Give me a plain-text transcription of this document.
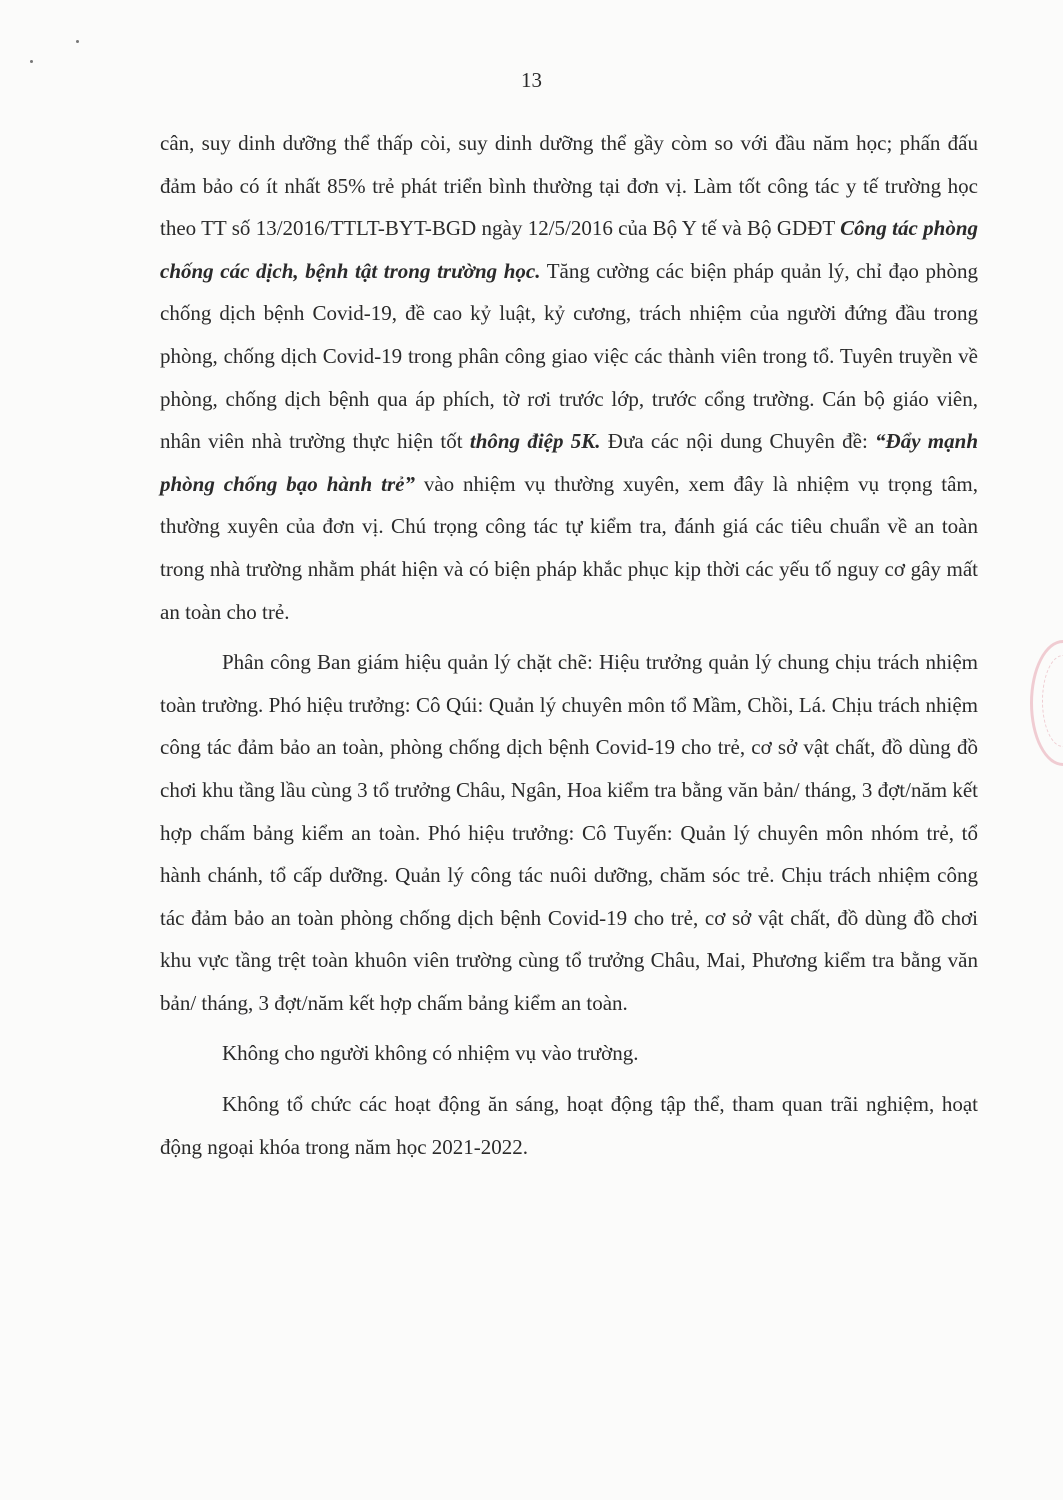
13

cân, suy dinh dưỡng thể thấp còi, suy dinh dưỡng thể gầy còm so với đầu năm học; phấn đấu đảm bảo có ít nhất 85% trẻ phát triển bình thường tại đơn vị. Làm tốt công tác y tế trường học theo TT số 13/2016/TTLT-BYT-BGD ngày 12/5/2016 của Bộ Y tế và Bộ GDĐT Công tác phòng chống các dịch, bệnh tật trong trường học. Tăng cường các biện pháp quản lý, chỉ đạo phòng chống dịch bệnh Covid-19, đề cao kỷ luật, kỷ cương, trách nhiệm của người đứng đầu trong phòng, chống dịch Covid-19 trong phân công giao việc các thành viên trong tổ. Tuyên truyền về phòng, chống dịch bệnh qua áp phích, tờ rơi trước lớp, trước cổng trường. Cán bộ giáo viên, nhân viên nhà trường thực hiện tốt thông điệp 5K. Đưa các nội dung Chuyên đề: “Đẩy mạnh phòng chống bạo hành trẻ” vào nhiệm vụ thường xuyên, xem đây là nhiệm vụ trọng tâm, thường xuyên của đơn vị. Chú trọng công tác tự kiểm tra, đánh giá các tiêu chuẩn về an toàn trong nhà trường nhằm phát hiện và có biện pháp khắc phục kịp thời các yếu tố nguy cơ gây mất an toàn cho trẻ.

Phân công Ban giám hiệu quản lý chặt chẽ: Hiệu trưởng quản lý chung chịu trách nhiệm toàn trường. Phó hiệu trưởng: Cô Qúi: Quản lý chuyên môn tổ Mầm, Chồi, Lá. Chịu trách nhiệm công tác đảm bảo an toàn, phòng chống dịch bệnh Covid-19 cho trẻ, cơ sở vật chất, đồ dùng đồ chơi khu tầng lầu cùng 3 tổ trưởng Châu, Ngân, Hoa kiểm tra bằng văn bản/ tháng, 3 đợt/năm kết hợp chấm bảng kiểm an toàn. Phó hiệu trưởng: Cô Tuyến: Quản lý chuyên môn nhóm trẻ, tổ hành chánh, tổ cấp dưỡng. Quản lý công tác nuôi dưỡng, chăm sóc trẻ. Chịu trách nhiệm công tác đảm bảo an toàn phòng chống dịch bệnh Covid-19 cho trẻ, cơ sở vật chất, đồ dùng đồ chơi khu vực tầng trệt toàn khuôn viên trường cùng tổ trưởng Châu, Mai, Phương kiểm tra bằng văn bản/ tháng, 3 đợt/năm kết hợp chấm bảng kiểm an toàn.

Không cho người không có nhiệm vụ vào trường.

Không tổ chức các hoạt động ăn sáng, hoạt động tập thể, tham quan trãi nghiệm, hoạt động ngoại khóa trong năm học 2021-2022.
